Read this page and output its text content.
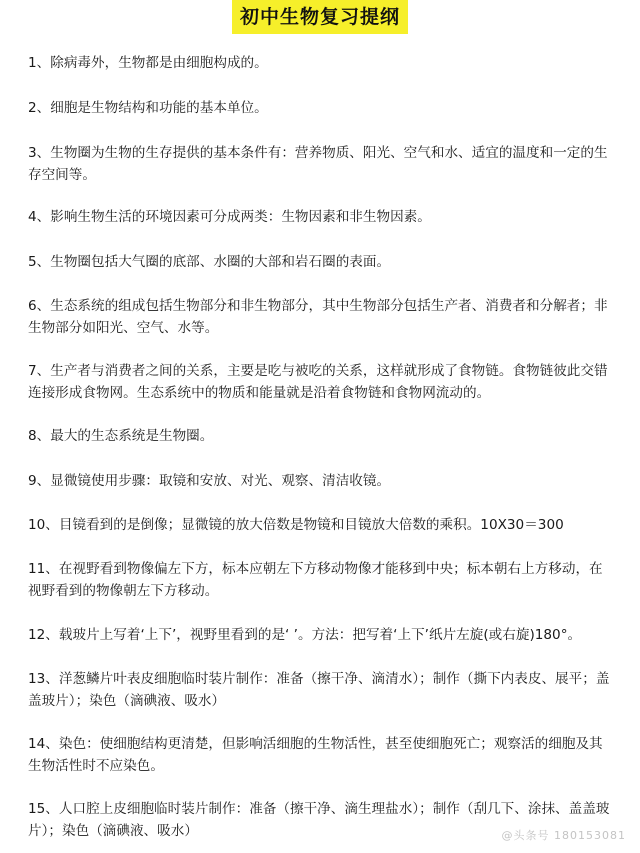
初中生物复习提纲
1、除病毒外，生物都是由细胞构成的。
2、细胞是生物结构和功能的基本单位。
3、生物圈为生物的生存提供的基本条件有：营养物质、阳光、空气和水、适宜的温度和一定的生存空间等。
4、影响生物生活的环境因素可分成两类：生物因素和非生物因素。
5、生物圈包括大气圈的底部、水圈的大部和岩石圈的表面。
6、生态系统的组成包括生物部分和非生物部分，其中生物部分包括生产者、消费者和分解者；非生物部分如阳光、空气、水等。
7、生产者与消费者之间的关系，主要是吃与被吃的关系，这样就形成了食物链。食物链彼此交错连接形成食物网。生态系统中的物质和能量就是沿着食物链和食物网流动的。
8、最大的生态系统是生物圈。
9、显微镜使用步骤：取镜和安放、对光、观察、清洁收镜。
10、目镜看到的是倒像；显微镜的放大倍数是物镜和目镜放大倍数的乘积。10X30＝300
11、在视野看到物像偏左下方，标本应朝左下方移动物像才能移到中央；标本朝右上方移动，在视野看到的物像朝左下方移动。
12、载玻片上写着‘上下’，视野里看到的是‘ ’。方法：把写着‘上下’纸片左旋(或右旋)180°。
13、洋葱鳞片叶表皮细胞临时装片制作：准备（擦干净、滴清水）；制作（撕下内表皮、展平；盖盖玻片）；染色（滴碘液、吸水）
14、染色：使细胞结构更清楚，但影响活细胞的生物活性，甚至使细胞死亡；观察活的细胞及其生物活性时不应染色。
15、人口腔上皮细胞临时装片制作：准备（擦干净、滴生理盐水）；制作（刮几下、涂抹、盖盖玻片）；染色（滴碘液、吸水）	@头条号 180153081
